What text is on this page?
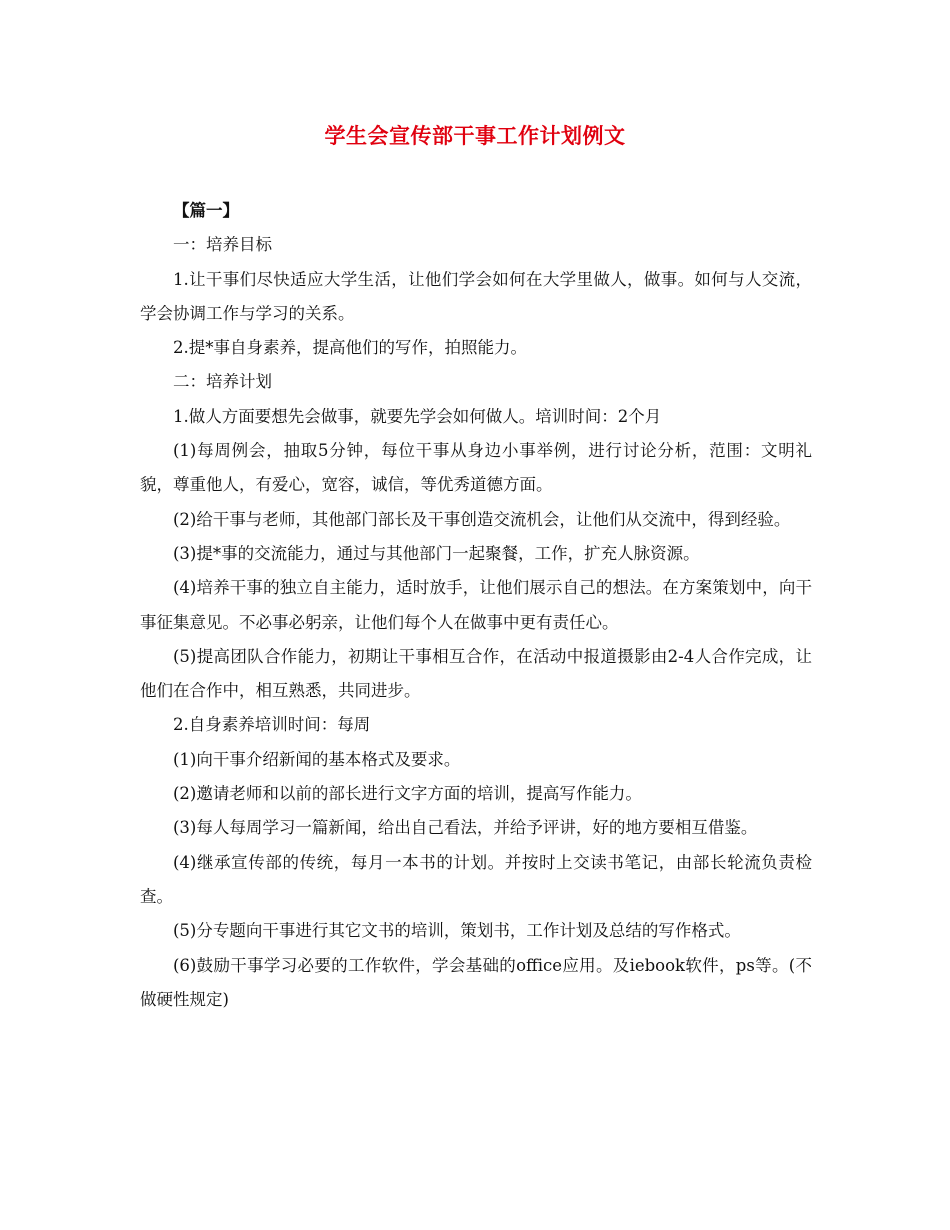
学生会宣传部干事工作计划例文

【篇一】

一：培养目标

1.让干事们尽快适应大学生活，让他们学会如何在大学里做人，做事。如何与人交流，学会协调工作与学习的关系。

2.提*事自身素养，提高他们的写作，拍照能力。

二：培养计划

1.做人方面要想先会做事，就要先学会如何做人。培训时间：2个月

(1)每周例会，抽取5分钟，每位干事从身边小事举例，进行讨论分析，范围：文明礼貌，尊重他人，有爱心，宽容，诚信，等优秀道德方面。

(2)给干事与老师，其他部门部长及干事创造交流机会，让他们从交流中，得到经验。

(3)提*事的交流能力，通过与其他部门一起聚餐，工作，扩充人脉资源。

(4)培养干事的独立自主能力，适时放手，让他们展示自己的想法。在方案策划中，向干事征集意见。不必事必躬亲，让他们每个人在做事中更有责任心。

(5)提高团队合作能力，初期让干事相互合作，在活动中报道摄影由2-4人合作完成，让他们在合作中，相互熟悉，共同进步。

2.自身素养培训时间：每周

(1)向干事介绍新闻的基本格式及要求。

(2)邀请老师和以前的部长进行文字方面的培训，提高写作能力。

(3)每人每周学习一篇新闻，给出自己看法，并给予评讲，好的地方要相互借鉴。

(4)继承宣传部的传统，每月一本书的计划。并按时上交读书笔记，由部长轮流负责检查。

(5)分专题向干事进行其它文书的培训，策划书，工作计划及总结的写作格式。

(6)鼓励干事学习必要的工作软件，学会基础的office应用。及iebook软件，ps等。(不做硬性规定)
